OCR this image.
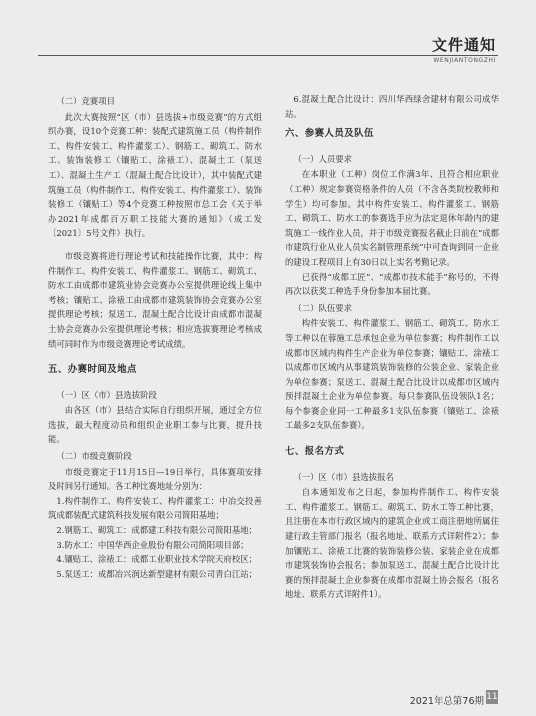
文件通知
WENJIANTONGZHI

（二）竞赛项目

此次大赛按照“区（市）县选拔+市级竞赛”的方式组织办赛，设10个竞赛工种：装配式建筑施工员（构件制作工、构件安装工、构件灌浆工）、钢筋工、砌筑工、防水工、装饰装修工（镶贴工、涂裱工）、混凝土工（泵送工）、混凝土生产工（混凝土配合比设计），其中装配式建筑施工员（构件制作工、构件安装工、构件灌浆工）、装饰装修工（镶贴工）等4个竞赛工种按照市总工会《关于举办2021年成都百万职工技能大赛的通知》（成工发〔2021〕5号文件）执行。

市级竞赛将进行理论考试和技能操作比赛，其中：构件制作工、构件安装工、构件灌浆工、钢筋工、砌筑工、防水工由成都市建筑业协会竞赛办公室提供理论线上集中考核；镶贴工、涂裱工由成都市建筑装饰协会竞赛办公室提供理论考核；泵送工、混凝土配合比设计由成都市混凝土协会竞赛办公室提供理论考核；相应选拔赛理论考核成绩可同时作为市级竞赛理论考试成绩。

五、办赛时间及地点

（一）区（市）县选拔阶段

由各区（市）县结合实际自行组织开展，通过全方位选拔，最大程度动员和组织企业职工参与比赛，提升技能。

（二）市级竞赛阶段

市级竞赛定于11月15日—19日举行，具体赛项安排及时间另行通知。各工种比赛地址分别为：

1.构件制作工、构件安装工、构件灌浆工：中冶交投善筑成都装配式建筑科技发展有限公司简阳基地；

2.钢筋工、砌筑工：成都建工科技有限公司简阳基地；

3.防水工：中国华西企业股份有限公司简阳项目部；

4.镶贴工、涂裱工：成都工业职业技术学院天府校区；

5.泵送工：成都冶兴润达新型建材有限公司青白江站；

6.混凝土配合比设计：四川华西绿舍建材有限公司成华站。

六、参赛人员及队伍

（一）人员要求

在本职业（工种）岗位工作满3年、且符合相应职业（工种）规定参赛资格条件的人员（不含各类院校教师和学生）均可参加。其中构件安装工、构件灌浆工、钢筋工、砌筑工、防水工的参赛选手应为法定退休年龄内的建筑施工一线作业人员，并于市级竞赛报名截止日前在“成都市建筑行业从业人员实名制管理系统”中可查询到同一企业的建设工程项目上有30日以上实名考勤记录。

已获得“成都工匠”、“成都市技术能手”称号的，不得再次以获奖工种选手身份参加本届比赛。

（二）队伍要求

构件安装工、构件灌浆工、钢筋工、砌筑工、防水工等工种以在蓉施工总承包企业为单位参赛；构件制作工以成都市区域内构件生产企业为单位参赛；镶贴工、涂裱工以成都市区域内从事建筑装饰装修的公装企业、家装企业为单位参赛；泵送工、混凝土配合比设计以成都市区域内预拌混凝土企业为单位参赛。每只参赛队伍设领队1名；每个参赛企业同一工种最多1支队伍参赛（镶贴工、涂裱工最多2支队伍参赛）。

七、报名方式

（一）区（市）县选拔报名

自本通知发布之日起，参加构件制作工、构件安装工、构件灌浆工、钢筋工、砌筑工、防水工等工种比赛，且注册在本市行政区域内的建筑企业或工商注册地所属住建行政主管部门报名（报名地址、联系方式详附件2）；参加镶贴工、涂裱工比赛的装饰装修公装、家装企业在成都市建筑装饰协会报名；参加泵送工、混凝土配合比设计比赛的预拌混凝土企业参赛在成都市混凝土协会报名（报名地址、联系方式详附件1）。

2021年总第76期 11
